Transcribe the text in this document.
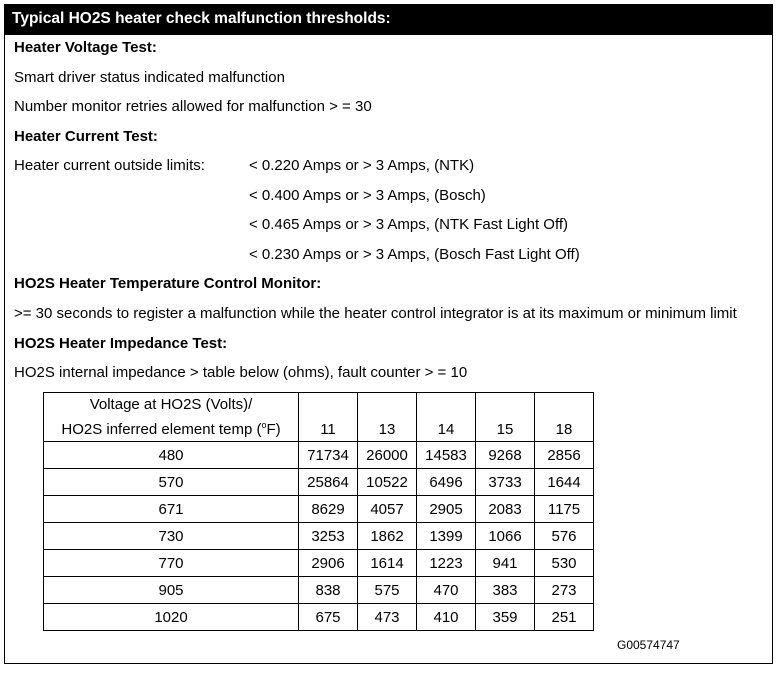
Typical HO2S heater check malfunction thresholds:
Heater Voltage Test:
Smart driver status indicated malfunction
Number monitor retries allowed for malfunction > = 30
Heater Current Test:
Heater current outside limits:	< 0.220 Amps or > 3 Amps, (NTK)
< 0.400 Amps or > 3 Amps, (Bosch)
< 0.465 Amps or > 3 Amps, (NTK Fast Light Off)
< 0.230 Amps or > 3 Amps, (Bosch Fast Light Off)
HO2S Heater Temperature Control Monitor:
>= 30 seconds to register a malfunction while the heater control integrator is at its maximum or minimum limit
HO2S Heater Impedance Test:
HO2S internal impedance > table below (ohms), fault counter > = 10
Voltage at HO2S (Volts)/
HO2S inferred element temp ($^o$F)	11	13	14	15	18
480	71734	26000	14583	9268	2856
570	25864	10522	6496	3733	1644
671	8629	4057	2905	2083	1175
730	3253	1862	1399	1066	576
770	2906	1614	1223	941	530
905	838	575	470	383	273
1020	675	473	410	359	251
G00574747
